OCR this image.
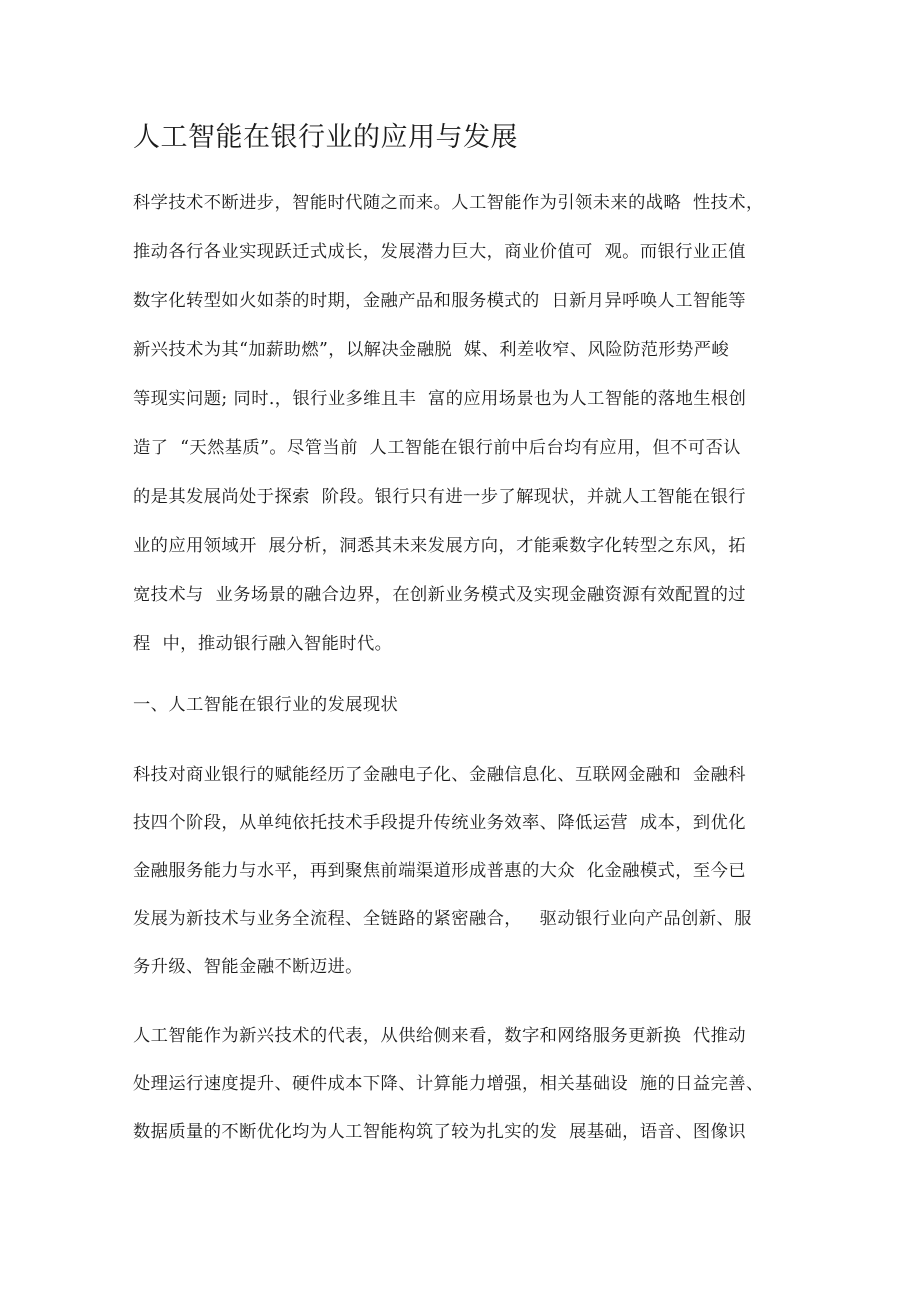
人工智能在银行业的应用与发展

科学技术不断进步，智能时代随之而来。人工智能作为引领未来的战略  性技术，

推动各行各业实现跃迁式成长，发展潜力巨大，商业价值可  观。而银行业正值

数字化转型如火如荼的时期，金融产品和服务模式的  日新月异呼唤人工智能等

新兴技术为其“加薪助燃”，以解决金融脱  媒、利差收窄、风险防范形势严峻

等现实问题; 同时.，银行业多维且丰  富的应用场景也为人工智能的落地生根创

造了  “天然基质”。尽管当前  人工智能在银行前中后台均有应用，但不可否认

的是其发展尚处于探索  阶段。银行只有进一步了解现状，并就人工智能在银行

业的应用领域开  展分析，洞悉其未来发展方向，才能乘数字化转型之东风，拓

宽技术与  业务场景的融合边界，在创新业务模式及实现金融资源有效配置的过

程  中，推动银行融入智能时代。

一、人工智能在银行业的发展现状

科技对商业银行的赋能经历了金融电子化、金融信息化、互联网金融和  金融科

技四个阶段，从单纯依托技术手段提升传统业务效率、降低运营  成本，到优化

金融服务能力与水平，再到聚焦前端渠道形成普惠的大众  化金融模式，至今已

发展为新技术与业务全流程、全链路的紧密融合，   驱动银行业向产品创新、服

务升级、智能金融不断迈进。

人工智能作为新兴技术的代表，从供给侧来看，数字和网络服务更新换  代推动

处理运行速度提升、硬件成本下降、计算能力增强，相关基础设  施的日益完善、

数据质量的不断优化均为人工智能构筑了较为扎实的发  展基础，语音、图像识
